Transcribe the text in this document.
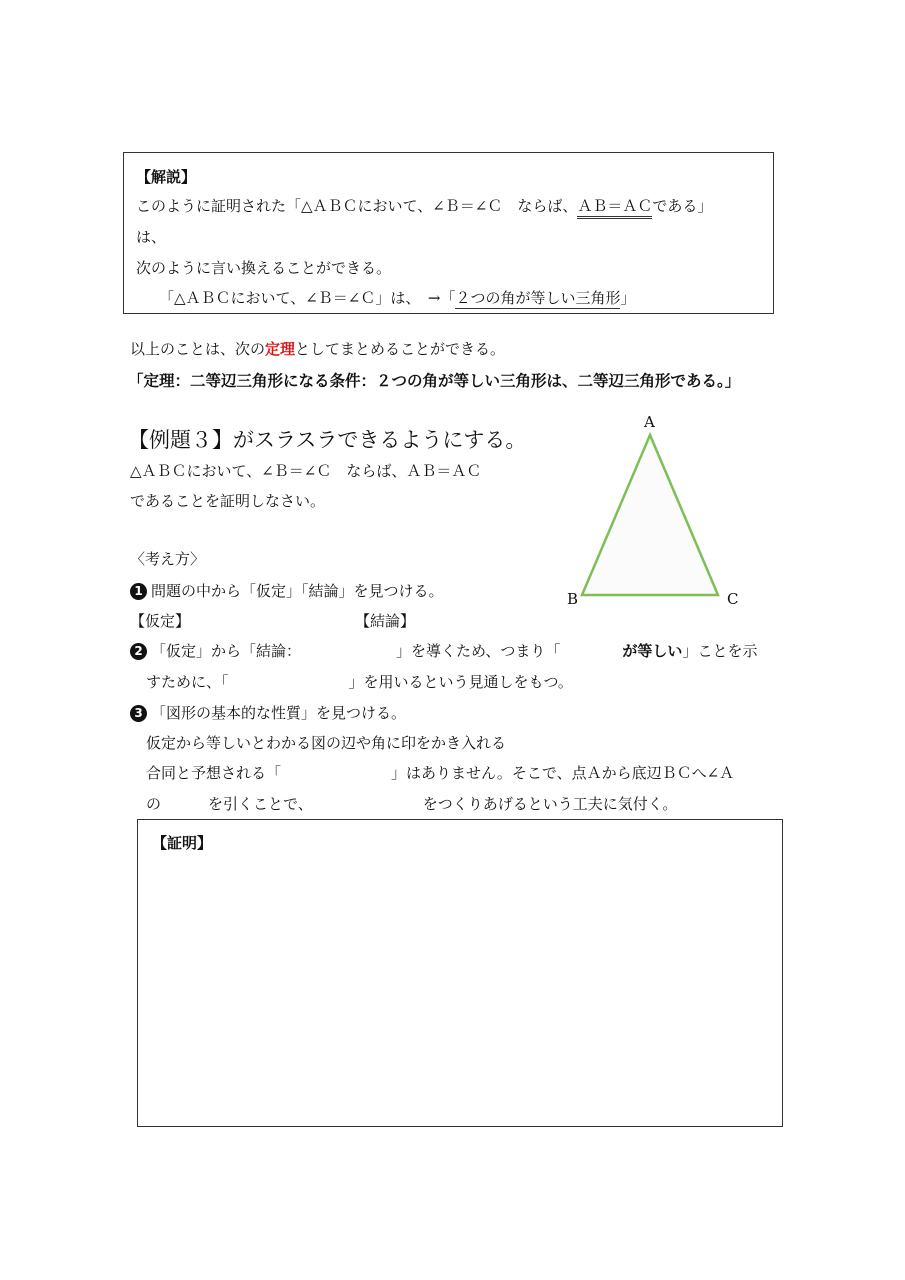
【解説】
このように証明された「△ＡＢＣにおいて、∠Ｂ＝∠Ｃ　ならば、ＡＢ＝ＡＣである」
は、
次のように言い換えることができる。
「△ＡＢＣにおいて、∠Ｂ＝∠Ｃ」は、　→「２つの角が等しい三角形」
以上のことは、次の定理としてまとめることができる。
「定理：二等辺三角形になる条件：２つの角が等しい三角形は、二等辺三角形である。」
【例題３】がスラスラできるようにする。
△ＡＢＣにおいて、∠Ｂ＝∠Ｃ　ならば、ＡＢ＝ＡＣ
であることを証明しなさい。
A
B	C
〈考え方〉
1 問題の中から「仮定」「結論」を見つける。
【仮定】	【結論】
2 「仮定」から「結論：	」を導くため、つまり「	が等しい」ことを示
すために、「	」を用いるという見通しをもつ。
3 「図形の基本的な性質」を見つける。
仮定から等しいとわかる図の辺や角に印をかき入れる
合同と予想される「	」はありません。そこで、点Ａから底辺ＢＣへ∠Ａ
の	を引くことで、	をつくりあげるという工夫に気付く。
【証明】
